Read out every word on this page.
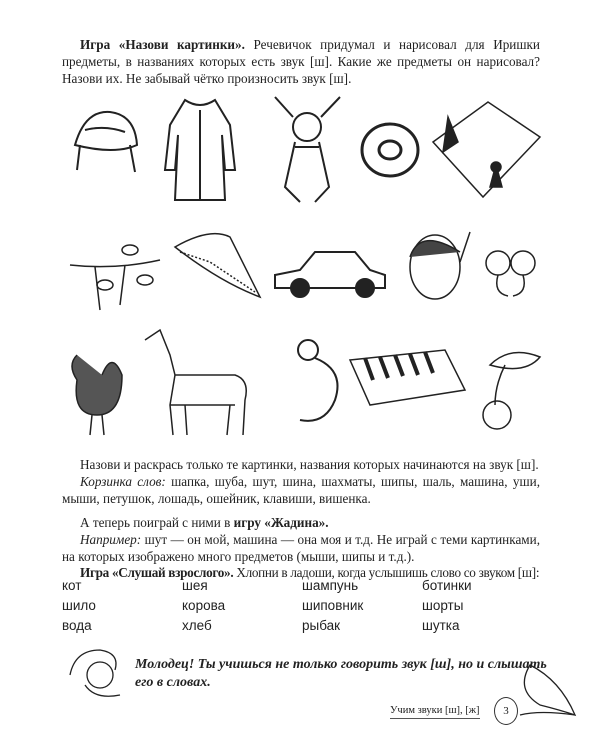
Игра «Назови картинки». Речевичок придумал и нарисовал для Иришки предметы, в названиях которых есть звук [ш]. Какие же предметы он нарисовал? Назови их. Не забывай чётко произносить звук [ш].
Назови и раскрась только те картинки, названия которых начинаются на звук [ш].
Корзинка слов: шапка, шуба, шут, шина, шахматы, шипы, шаль, машина, уши, мыши, петушок, лошадь, ошейник, клавиши, вишенка.
А теперь поиграй с ними в игру «Жадина».
Например: шут — он мой, машина — она моя и т.д. Не играй с теми картинками, на которых изображено много предметов (мыши, шипы и т.д.).
Игра «Слушай взрослого». Хлопни в ладоши, когда услышишь слово со звуком [ш]:
кот	шея	шампунь	ботинки
шило	корова	шиповник	шорты
вода	хлеб	рыбак	шутка
Молодец! Ты учишься не только говорить звук [ш], но и слышать его в словах.
Учим звуки [ш], [ж]	3
